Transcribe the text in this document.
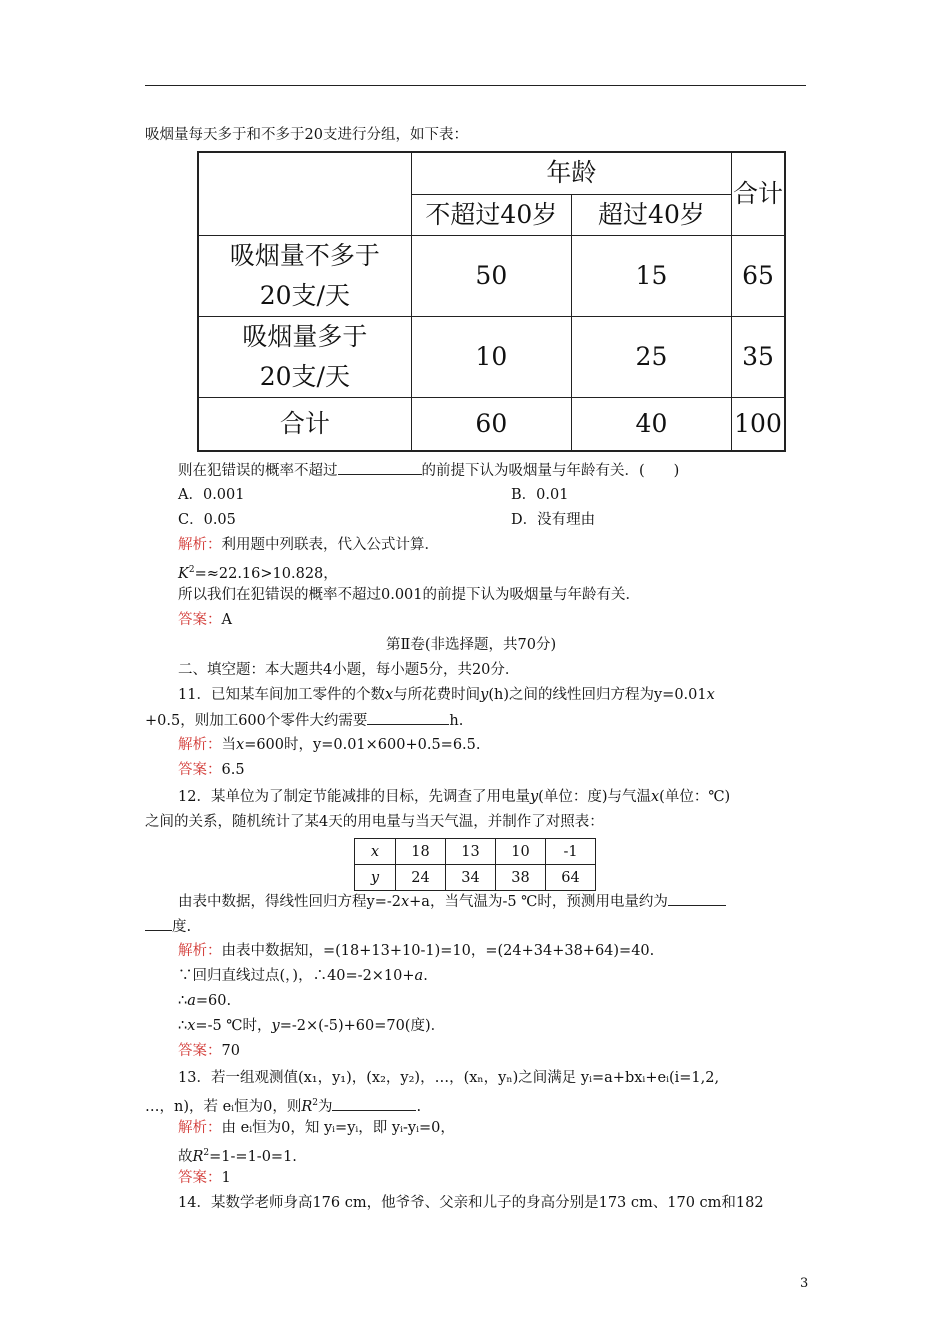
吸烟量每天多于和不多于20支进行分组，如下表：
	年龄		合计
	不超过40岁	超过40岁	
吸烟量不多于
20支/天	50	15	65
吸烟量多于
20支/天	10	25	35
合计	60	40	100
则在犯错误的概率不超过	的前提下认为吸烟量与年龄有关．(　　)
A．0.001	B．0.01
C．0.05	D．没有理由
解析：利用题中列联表，代入公式计算．
$K^2=\approx 22.16>10.828$，
所以我们在犯错误的概率不超过0.001的前提下认为吸烟量与年龄有关．
答案：A
第Ⅱ卷(非选择题，共70分)
二、填空题：本大题共4小题，每小题5分，共20分．
11．已知某车间加工零件的个数x与所花费时间y(h)之间的线性回归方程为y=0.01x
+0.5，则加工600个零件大约需要	h.
解析：当x=600时，y=0.01×600+0.5=6.5.
答案：6.5
12．某单位为了制定节能减排的目标，先调查了用电量y(单位：度)与气温x(单位：℃)
之间的关系，随机统计了某4天的用电量与当天气温，并制作了对照表：
x	18	13	10	-1
y	24	34	38	64
由表中数据，得线性回归方程y=-2x+a，当气温为-5 ℃时，预测用电量约为
度.
解析：由表中数据知，=(18+13+10-1)=10，=(24+34+38+64)=40.
∵回归直线过点(，)，∴40=-2×10+a.
∴a=60.
∴x=-5 ℃时，y=-2×(-5)+60=70(度)．
答案：70
13．若一组观测值(x₁，y₁)，(x₂，y₂)，…，(xₙ，yₙ)之间满足 yᵢ=a+bxᵢ+eᵢ(i=1,2,
…，n)，若 eᵢ恒为0，则$R^2$为	.
解析：由 eᵢ恒为0，知 yᵢ=yᵢ，即 yᵢ-yᵢ=0，
故$R^2=1-=1-0=1$.
答案：1
14．某数学老师身高176 cm，他爷爷、父亲和儿子的身高分别是173 cm、170 cm和182
3
